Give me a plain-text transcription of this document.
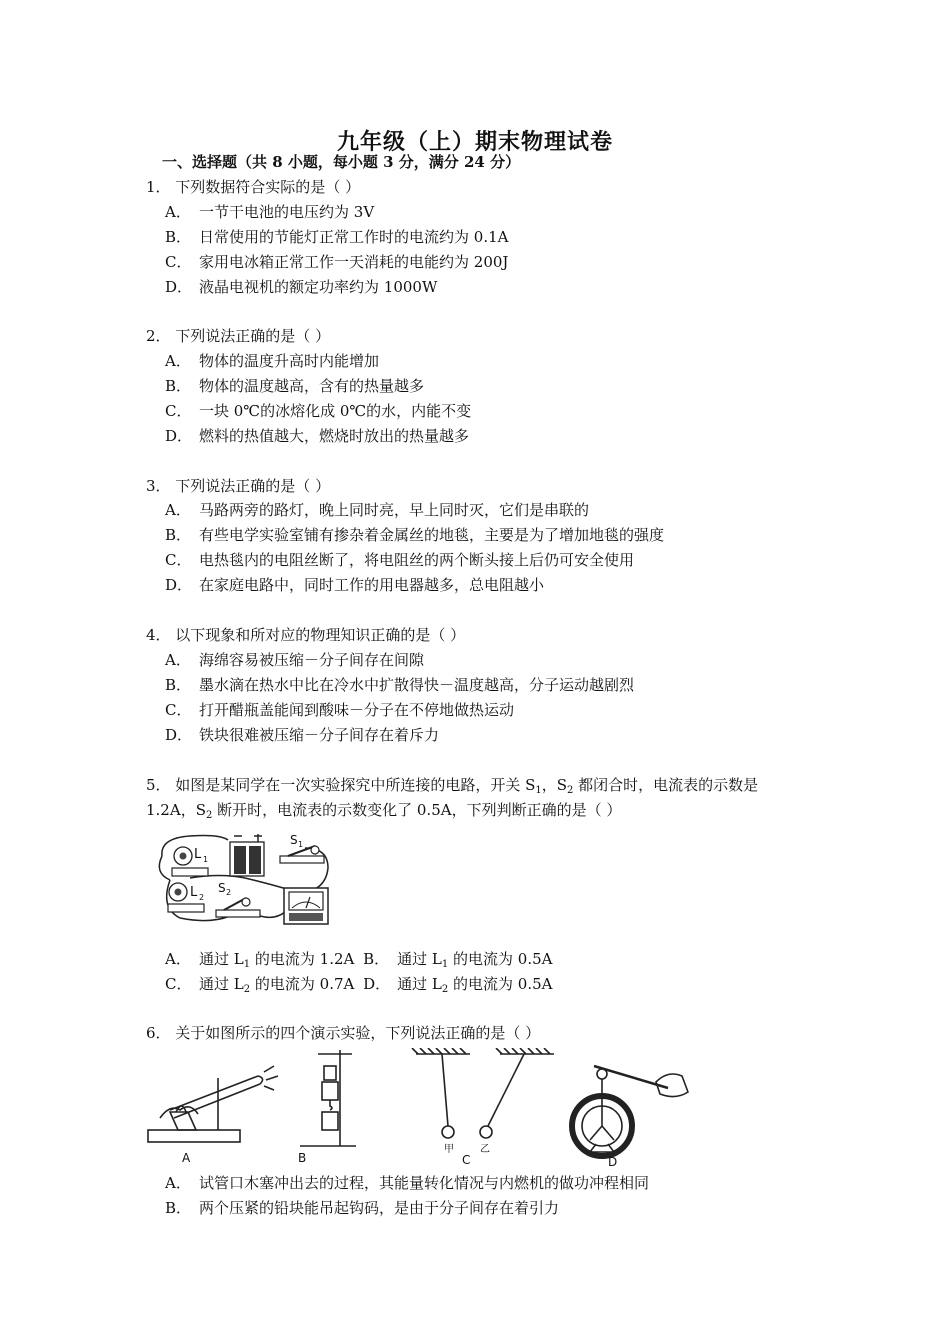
九年级（上）期末物理试卷
一、选择题（共 8 小题，每小题 3 分，满分 24 分）
1． 下列数据符合实际的是（ ）
A． 一节干电池的电压约为 3V
B． 日常使用的节能灯正常工作时的电流约为 0.1A
C． 家用电冰箱正常工作一天消耗的电能约为 200J
D． 液晶电视机的额定功率约为 1000W
2． 下列说法正确的是（ ）
A． 物体的温度升高时内能增加
B． 物体的温度越高，含有的热量越多
C． 一块 0℃的冰熔化成 0℃的水，内能不变
D． 燃料的热值越大，燃烧时放出的热量越多
3． 下列说法正确的是（ ）
A． 马路两旁的路灯，晚上同时亮，早上同时灭，它们是串联的
B． 有些电学实验室铺有掺杂着金属丝的地毯，主要是为了增加地毯的强度
C． 电热毯内的电阻丝断了，将电阻丝的两个断头接上后仍可安全使用
D． 在家庭电路中，同时工作的用电器越多，总电阻越小
4． 以下现象和所对应的物理知识正确的是（ ）
A． 海绵容易被压缩－分子间存在间隙
B． 墨水滴在热水中比在冷水中扩散得快－温度越高，分子运动越剧烈
C． 打开醋瓶盖能闻到酸味－分子在不停地做热运动
D． 铁块很难被压缩－分子间存在着斥力
5． 如图是某同学在一次实验探究中所连接的电路，开关 $S_1$，$S_2$ 都闭合时，电流表的示数是
1.2A，$S_2$ 断开时，电流表的示数变化了 0.5A，下列判断正确的是（ ）
L 1
S 1
L 2
S 2
A． 通过 $L_1$ 的电流为 1.2A B． 通过 $L_1$ 的电流为 0.5A
C． 通过 $L_2$ 的电流为 0.7A D． 通过 $L_2$ 的电流为 0.5A
6． 关于如图所示的四个演示实验，下列说法正确的是（ ）
A	B
甲	乙
C	D
A． 试管口木塞冲出去的过程，其能量转化情况与内燃机的做功冲程相同
B． 两个压紧的铅块能吊起钩码，是由于分子间存在着引力
